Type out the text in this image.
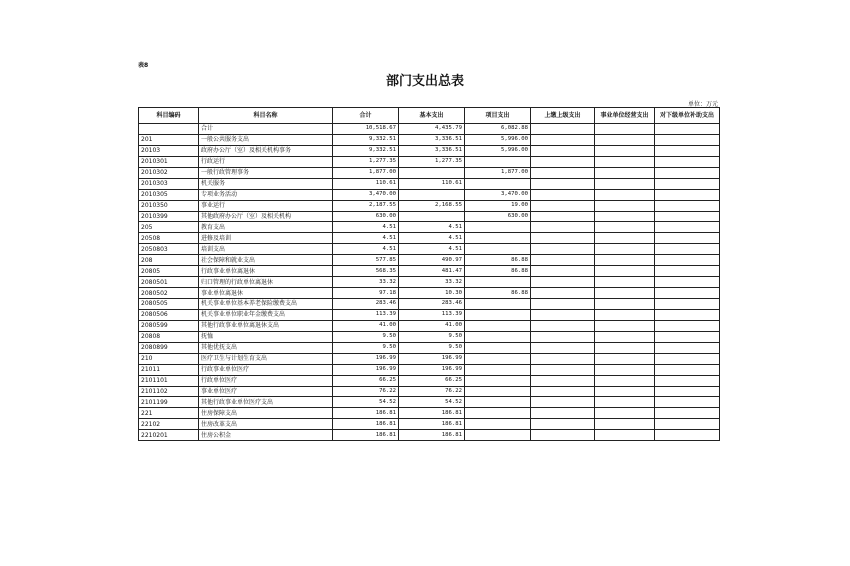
表8
部门支出总表
单位：万元
科目编码	科目名称	合计	基本支出	项目支出	上缴上级支出	事业单位经营支出	对下级单位补助支出
	合计	10,518.67	4,435.79	6,082.88			
201	一般公共服务支出	9,332.51	3,336.51	5,996.00			
20103	政府办公厅（室）及相关机构事务	9,332.51	3,336.51	5,996.00			
2010301	行政运行	1,277.35	1,277.35				
2010302	一般行政管理事务	1,877.00		1,877.00			
2010303	机关服务	110.61	110.61				
2010305	专项业务活动	3,470.00		3,470.00			
2010350	事业运行	2,187.55	2,168.55	19.00			
2010399	其他政府办公厅（室）及相关机构	630.00		630.00			
205	教育支出	4.51	4.51				
20508	进修及培训	4.51	4.51				
2050803	培训支出	4.51	4.51				
208	社会保障和就业支出	577.85	490.97	86.88			
20805	行政事业单位离退休	568.35	481.47	86.88			
2080501	归口管理的行政单位离退休	33.32	33.32				
2080502	事业单位离退休	97.18	10.30	86.88			
2080505	机关事业单位基本养老保险缴费支出	283.46	283.46				
2080506	机关事业单位职业年金缴费支出	113.39	113.39				
2080599	其他行政事业单位离退休支出	41.00	41.00				
20808	抚恤	9.50	9.50				
2080899	其他优抚支出	9.50	9.50				
210	医疗卫生与计划生育支出	196.99	196.99				
21011	行政事业单位医疗	196.99	196.99				
2101101	行政单位医疗	66.25	66.25				
2101102	事业单位医疗	76.22	76.22				
2101199	其他行政事业单位医疗支出	54.52	54.52				
221	住房保障支出	186.81	186.81				
22102	住房改革支出	186.81	186.81				
2210201	住房公积金	186.81	186.81				
